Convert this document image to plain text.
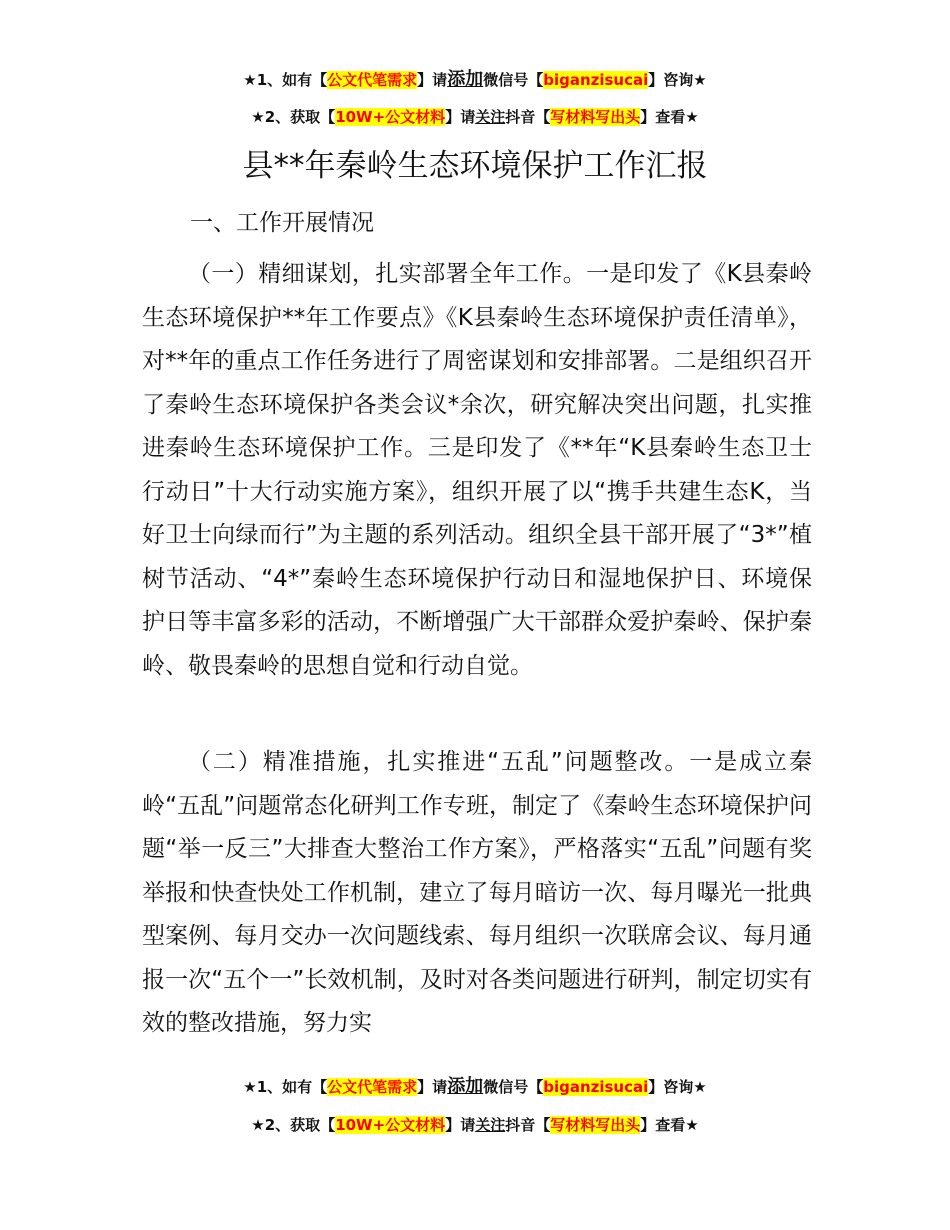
★1、如有【公文代笔需求】请添加微信号【biganzisucai】咨询★
★2、获取【10W+公文材料】请关注抖音【写材料写出头】查看★
县**年秦岭生态环境保护工作汇报
一、工作开展情况

（一）精细谋划，扎实部署全年工作。一是印发了《K县秦岭生态环境保护**年工作要点》《K县秦岭生态环境保护责任清单》，对**年的重点工作任务进行了周密谋划和安排部署。二是组织召开了秦岭生态环境保护各类会议*余次，研究解决突出问题，扎实推进秦岭生态环境保护工作。三是印发了《**年“K县秦岭生态卫士行动日”十大行动实施方案》，组织开展了以“携手共建生态K，当好卫士向绿而行”为主题的系列活动。组织全县干部开展了“3*”植树节活动、“4*”秦岭生态环境保护行动日和湿地保护日、环境保护日等丰富多彩的活动，不断增强广大干部群众爱护秦岭、保护秦岭、敬畏秦岭的思想自觉和行动自觉。

（二）精准措施，扎实推进“五乱”问题整改。一是成立秦岭“五乱”问题常态化研判工作专班，制定了《秦岭生态环境保护问题“举一反三”大排查大整治工作方案》，严格落实“五乱”问题有奖举报和快查快处工作机制，建立了每月暗访一次、每月曝光一批典型案例、每月交办一次问题线索、每月组织一次联席会议、每月通报一次“五个一”长效机制，及时对各类问题进行研判，制定切实有效的整改措施，努力实

★1、如有【公文代笔需求】请添加微信号【biganzisucai】咨询★
★2、获取【10W+公文材料】请关注抖音【写材料写出头】查看★
